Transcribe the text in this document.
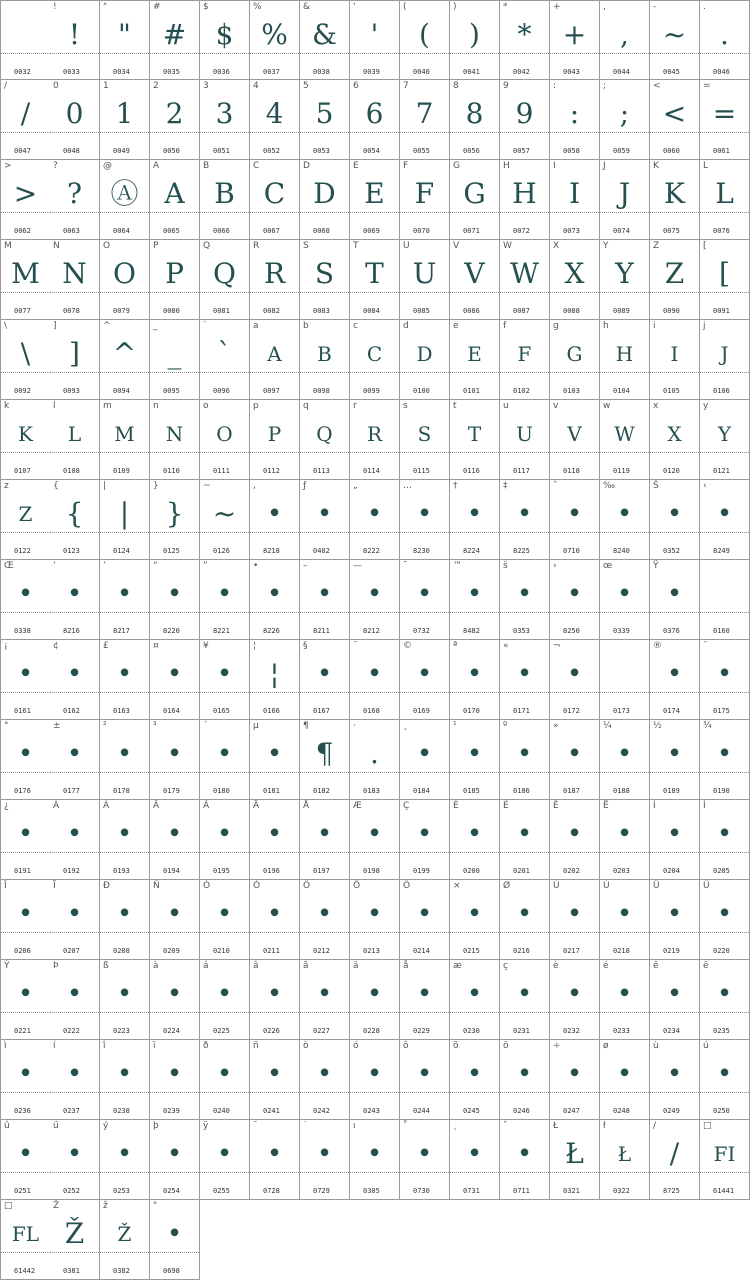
0032
!
!
0033
"
"
0034
#
#
0035
$
$
0036
%
%
0037
&
&
0038
'
'
0039
(
(
0040
)
)
0041
*
*
0042
+
+
0043
,
,
0044
-
~
0045
.
.
0046
/
/
0047
0
0
0048
1
1
0049
2
2
0050
3
3
0051
4
4
0052
5
5
0053
6
6
0054
7
7
0055
8
8
0056
9
9
0057
:
:
0058
;
;
0059
<
<
0060
=
=
0061
>
>
0062
?
?
0063
@
Ⓐ
0064
A
A
0065
B
B
0066
C
C
0067
D
D
0068
E
E
0069
F
F
0070
G
G
0071
H
H
0072
I
I
0073
J
J
0074
K
K
0075
L
L
0076
M
M
0077
N
N
0078
O
O
0079
P
P
0080
Q
Q
0081
R
R
0082
S
S
0083
T
T
0084
U
U
0085
V
V
0086
W
W
0087
X
X
0088
Y
Y
0089
Z
Z
0090
[
[
0091
\
\
0092
]
]
0093
^
^
0094
_
_
0095
`
`
0096
a
A
0097
b
B
0098
c
C
0099
d
D
0100
e
E
0101
f
F
0102
g
G
0103
h
H
0104
i
I
0105
j
J
0106
k
K
0107
l
L
0108
m
M
0109
n
N
0110
o
O
0111
p
P
0112
q
Q
0113
r
R
0114
s
S
0115
t
T
0116
u
U
0117
v
V
0118
w
W
0119
x
X
0120
y
Y
0121
z
Z
0122
{
{
0123
|
|
0124
}
}
0125
~
~
0126
,
•
8218
ƒ
•
0402
„
•
8222
…
•
8230
†
•
8224
‡
•
8225
ˆ
•
0710
‰
•
8240
Š
•
0352
‹
•
8249
Œ
•
0338
‘
•
8216
’
•
8217
“
•
8220
”
•
8221
•
•
8226
–
•
8211
—
•
8212
˜
•
0732
™
•
8482
š
•
0353
›
•
8250
œ
•
0339
Ÿ
•
0376	0160
¡
•
0161
¢
•
0162
£
•
0163
¤
•
0164
¥
•
0165
¦
¦
0166
§
•
0167
¨
•
0168
©
•
0169
ª
•
0170
«
•
0171
¬
•
0172	0173
®
•
0174
¯
•
0175
°
•
0176
±
•
0177
²
•
0178
³
•
0179
´
•
0180
µ
•
0181
¶
¶
0182
·
.
0183
¸
•
0184
¹
•
0185
º
•
0186
»
•
0187
¼
•
0188
½
•
0189
¾
•
0190
¿
•
0191
À
•
0192
Á
•
0193
Â
•
0194
Ã
•
0195
Ä
•
0196
Å
•
0197
Æ
•
0198
Ç
•
0199
È
•
0200
É
•
0201
Ê
•
0202
Ë
•
0203
Ì
•
0204
Í
•
0205
Î
•
0206
Ï
•
0207
Ð
•
0208
Ñ
•
0209
Ò
•
0210
Ó
•
0211
Ô
•
0212
Õ
•
0213
Ö
•
0214
×
•
0215
Ø
•
0216
Ù
•
0217
Ú
•
0218
Û
•
0219
Ü
•
0220
Ý
•
0221
Þ
•
0222
ß
•
0223
à
•
0224
á
•
0225
â
•
0226
ã
•
0227
ä
•
0228
å
•
0229
æ
•
0230
ç
•
0231
è
•
0232
é
•
0233
ê
•
0234
ë
•
0235
ì
•
0236
í
•
0237
î
•
0238
ï
•
0239
ð
•
0240
ñ
•
0241
ò
•
0242
ó
•
0243
ô
•
0244
õ
•
0245
ö
•
0246
÷
•
0247
ø
•
0248
ù
•
0249
ú
•
0250
û
•
0251
ü
•
0252
ý
•
0253
þ
•
0254
ÿ
•
0255
˘
•
0728
˙
•
0729
ı
•
0305
˚
•
0730
˛
•
0731
ˇ
•
0711
Ł
Ł
0321
ł
Ł
0322
∕
/
8725
□
FI
61441
□
FL
61442
Ž
Ž
0381
ž
Ž
0382
"
•
0698
